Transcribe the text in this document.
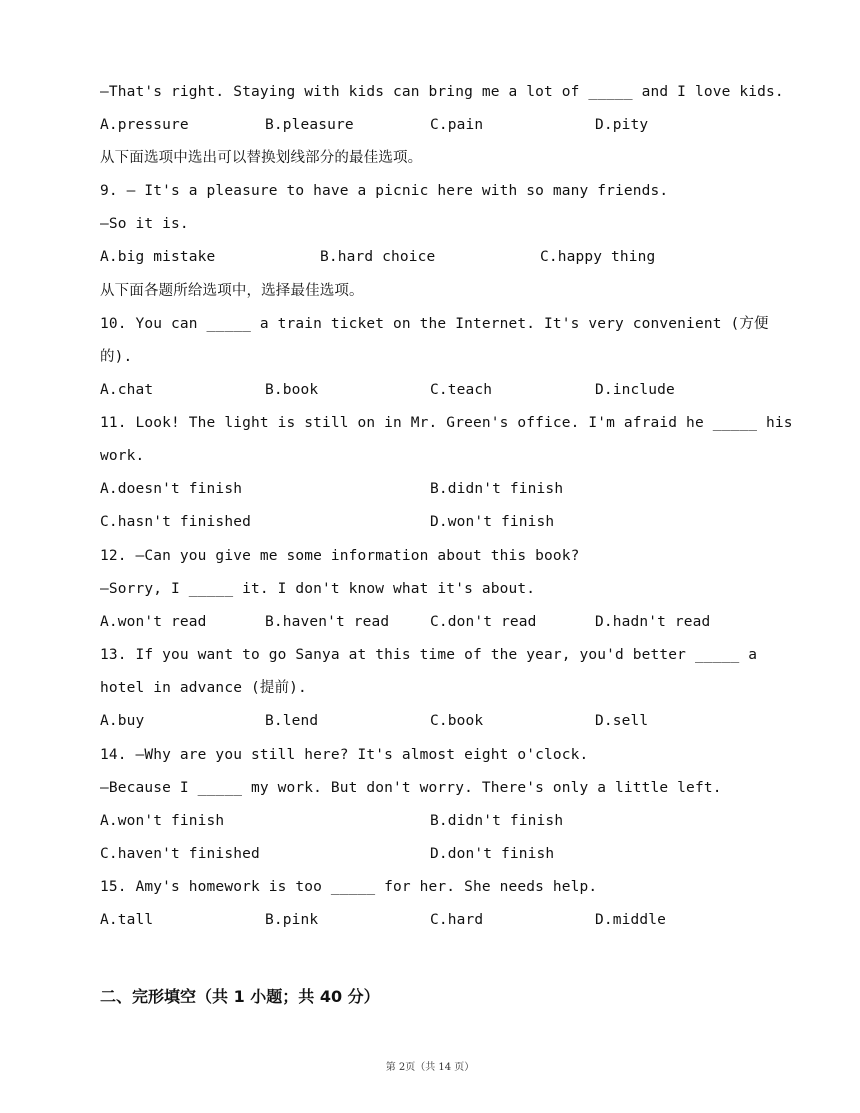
—That's right. Staying with kids can bring me a lot of _____ and I love kids.
A.pressure	B.pleasure	C.pain	D.pity
从下面选项中选出可以替换划线部分的最佳选项。
9. — It's a pleasure to have a picnic here with so many friends.
—So it is.
A.big mistake	B.hard choice	C.happy thing
从下面各题所给选项中，选择最佳选项。
10. You can _____ a train ticket on the Internet. It's very convenient (方便
的).
A.chat	B.book	C.teach	D.include
11. Look! The light is still on in Mr. Green's office. I'm afraid he _____ his
work.
A.doesn't finish	B.didn't finish
C.hasn't finished	D.won't finish
12. —Can you give me some information about this book?
—Sorry, I _____ it. I don't know what it's about.
A.won't read	B.haven't read	C.don't read	D.hadn't read
13. If you want to go Sanya at this time of the year, you'd better _____ a
hotel in advance (提前).
A.buy	B.lend	C.book	D.sell
14. —Why are you still here? It's almost eight o'clock.
—Because I _____ my work. But don't worry. There's only a little left.
A.won't finish	B.didn't finish
C.haven't finished	D.don't finish
15. Amy's homework is too _____ for her. She needs help.
A.tall	B.pink	C.hard	D.middle
二、完形填空（共 1 小题；共 40 分）
第 2页（共 14 页）
